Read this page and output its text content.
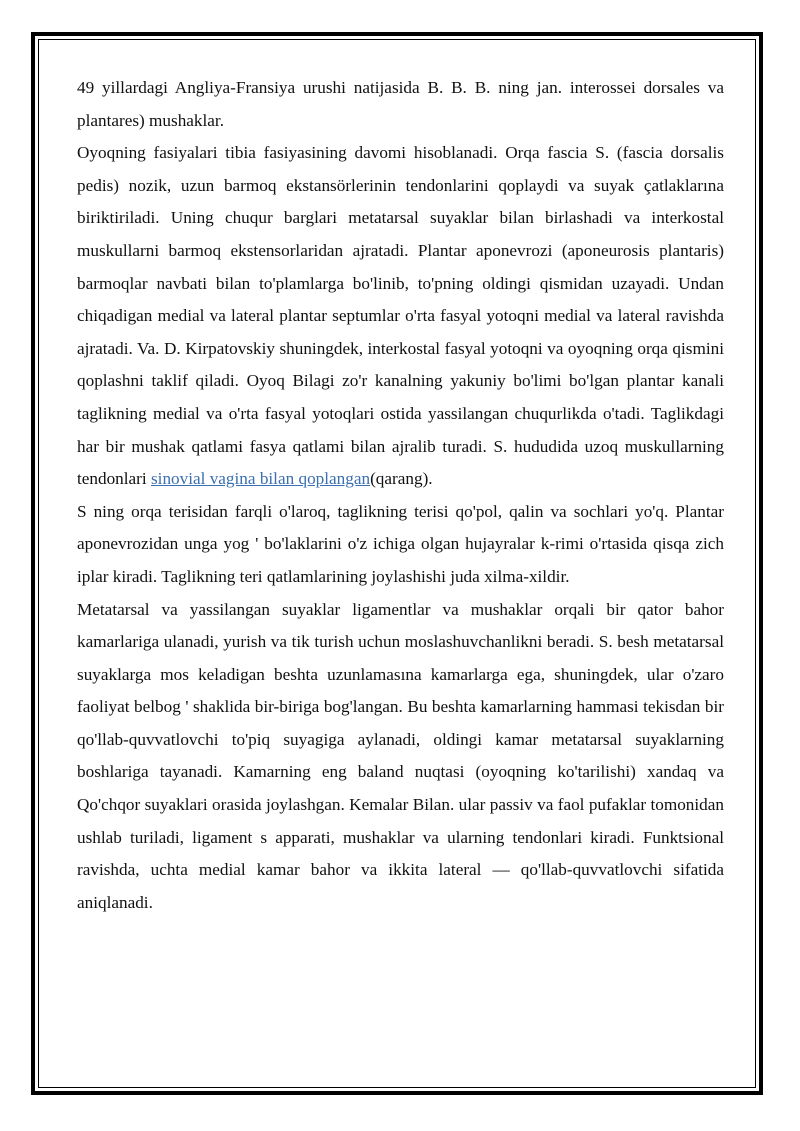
49 yillardagi Angliya-Fransiya urushi natijasida B. B. B. ning jan. interossei dorsales va plantares) mushaklar.

Oyoqning fasiyalari tibia fasiyasining davomi hisoblanadi. Orqa fascia S. (fascia dorsalis pedis) nozik, uzun barmoq ekstansörlerinin tendonlarini qoplaydi va suyak çatlaklarına biriktiriladi. Uning chuqur barglari metatarsal suyaklar bilan birlashadi va interkostal muskullarni barmoq ekstensorlaridan ajratadi. Plantar aponevrozi (aponeurosis plantaris) barmoqlar navbati bilan to'plamlarga bo'linib, to'pning oldingi qismidan uzayadi. Undan chiqadigan medial va lateral plantar septumlar o'rta fasyal yotoqni medial va lateral ravishda ajratadi. Va. D. Kirpatovskiy shuningdek, interkostal fasyal yotoqni va oyoqning orqa qismini qoplashni taklif qiladi. Oyoq Bilagi zo'r kanalning yakuniy bo'limi bo'lgan plantar kanali taglikning medial va o'rta fasyal yotoqlari ostida yassilangan chuqurlikda o'tadi. Taglikdagi har bir mushak qatlami fasya qatlami bilan ajralib turadi. S. hududida uzoq muskullarning tendonlari sinovial vagina bilan qoplangan(qarang).

S ning orqa terisidan farqli o'laroq, taglikning terisi qo'pol, qalin va sochlari yo'q. Plantar aponevrozidan unga yog ' bo'laklarini o'z ichiga olgan hujayralar k-rimi o'rtasida qisqa zich iplar kiradi. Taglikning teri qatlamlarining joylashishi juda xilma-xildir.

Metatarsal va yassilangan suyaklar ligamentlar va mushaklar orqali bir qator bahor kamarlariga ulanadi, yurish va tik turish uchun moslashuvchanlikni beradi. S. besh metatarsal suyaklarga mos keladigan beshta uzunlamasına kamarlarga ega, shuningdek, ular o'zaro faoliyat belbog ' shaklida bir-biriga bog'langan. Bu beshta kamarlarning hammasi tekisdan bir qo'llab-quvvatlovchi to'piq suyagiga aylanadi, oldingi kamar metatarsal suyaklarning boshlariga tayanadi. Kamarning eng baland nuqtasi (oyoqning ko'tarilishi) xandaq va Qo'chqor suyaklari orasida joylashgan. Kemalar Bilan. ular passiv va faol pufaklar tomonidan ushlab turiladi, ligament s apparati, mushaklar va ularning tendonlari kiradi. Funktsional ravishda, uchta medial kamar bahor va ikkita lateral — qo'llab-quvvatlovchi sifatida aniqlanadi.
